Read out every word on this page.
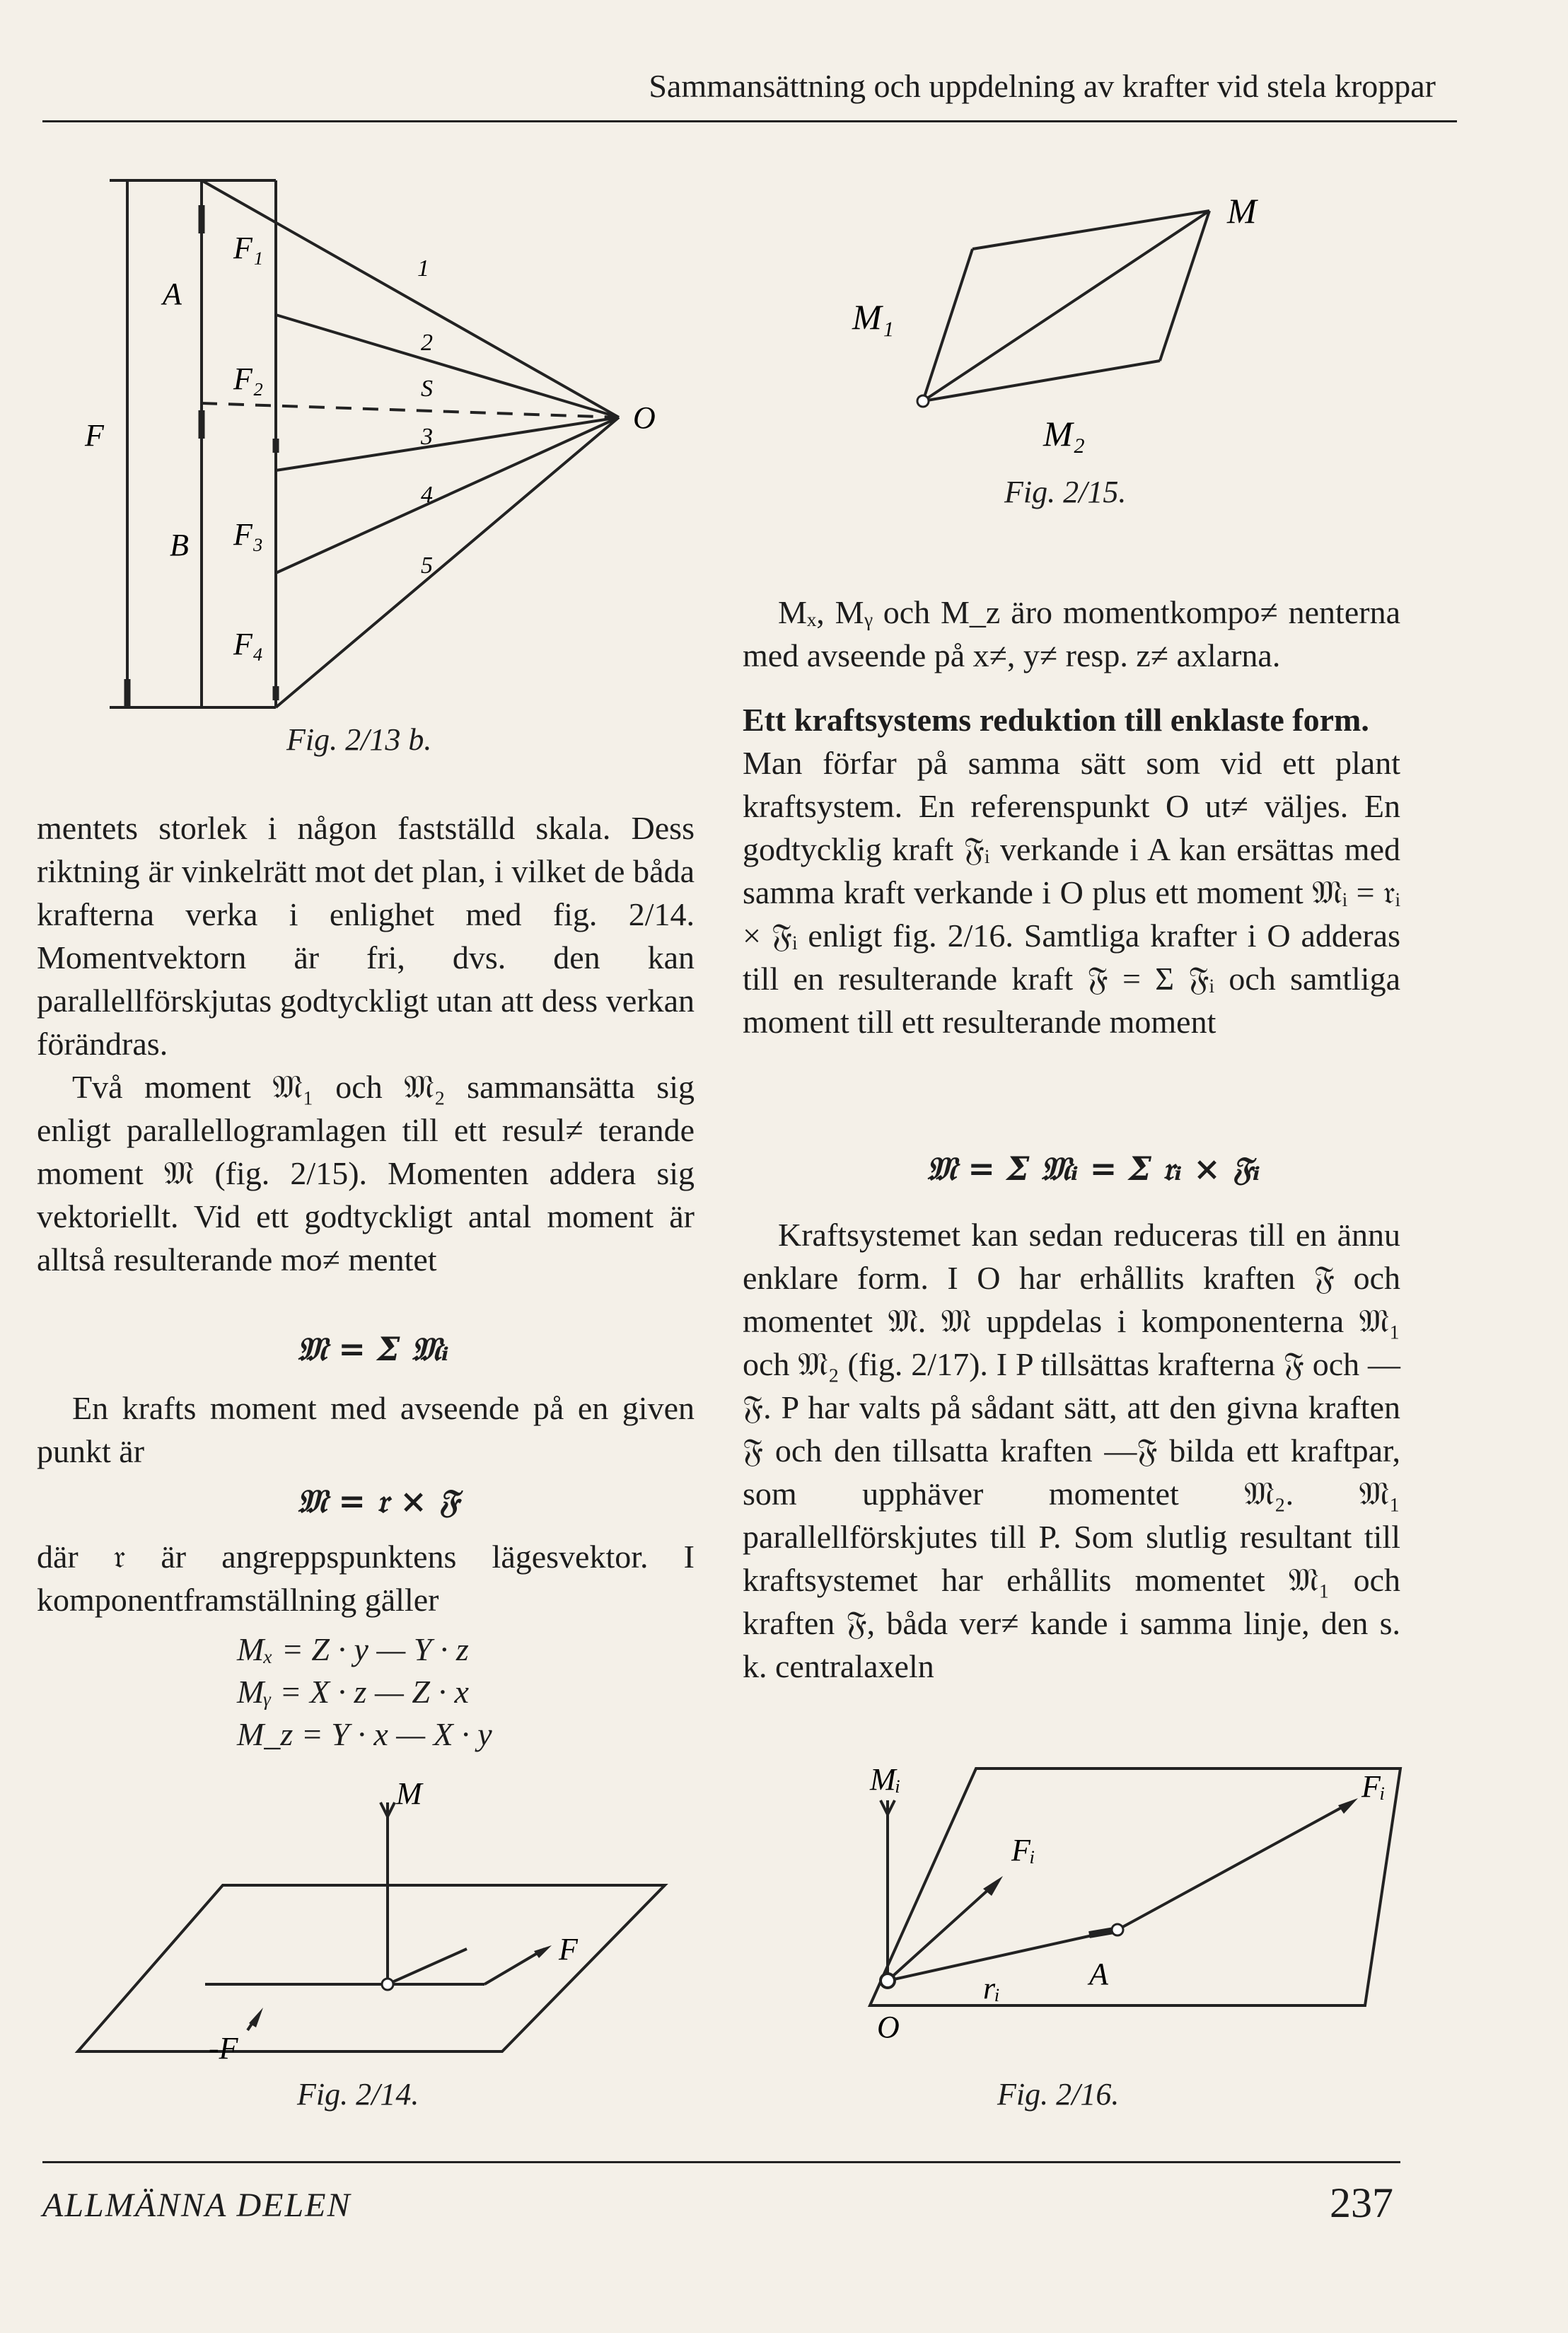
Sammansättning och uppdelning av krafter vid stela kroppar
F₁
A
F₂
F
B F₃
F₄
O
1
2
S
3
4
5
Fig. 2/13 b.
M
M₁
M₂
Fig. 2/15.

mentets storlek i någon fastställd skala. Dess riktning är vinkelrätt mot det plan, i vilket de båda krafterna verka i enlighet med fig. 2/14. Momentvektorn är fri, dvs. den kan parallellförskjutas godtyckligt utan att dess verkan förändras.

Två moment 𝔐₁ och 𝔐₂ sammansätta sig enligt parallellogramlagen till ett resul≠ terande moment 𝔐 (fig. 2/15). Momenten addera sig vektoriellt. Vid ett godtyckligt antal moment är alltså resulterande mo≠ mentet

𝔐 = Σ 𝔐ᵢ

En krafts moment med avseende på en given punkt är

𝔐 = 𝔯 × 𝔉

där 𝔯 är angreppspunktens lägesvektor. I komponentframställning gäller

Mₓ = Z · y — Y · z
Mᵧ = X · z — Z · x
M_z = Y · x — X · y
M
F
-F
Fig. 2/14.

Mₓ, Mᵧ och M_z äro momentkompo≠ nenterna med avseende på x≠, y≠ resp. z≠ axlarna.

Ett kraftsystems reduktion till enklaste form.

Man förfar på samma sätt som vid ett plant kraftsystem. En referenspunkt O ut≠ väljes. En godtycklig kraft 𝔉ᵢ verkande i A kan ersättas med samma kraft verkande i O plus ett moment 𝔐ᵢ = 𝔯ᵢ × 𝔉ᵢ enligt fig. 2/16. Samtliga krafter i O adderas till en resulterande kraft 𝔉 = Σ 𝔉ᵢ och samtliga moment till ett resulterande moment

𝔐 = Σ 𝔐ᵢ = Σ 𝔯ᵢ × 𝔉ᵢ

Kraftsystemet kan sedan reduceras till en ännu enklare form. I O har erhållits kraften 𝔉 och momentet 𝔐. 𝔐 uppdelas i komponenterna 𝔐₁ och 𝔐₂ (fig. 2/17). I P tillsättas krafterna 𝔉 och —𝔉. P har valts på sådant sätt, att den givna kraften 𝔉 och den tillsatta kraften —𝔉 bilda ett kraftpar, som upphäver momentet 𝔐₂. 𝔐₁ parallellförskjutes till P. Som slutlig resultant till kraftsystemet har erhållits momentet 𝔐₁ och kraften 𝔉, båda ver≠ kande i samma linje, den s. k. centralaxeln

Mᵢ
Fᵢ
Fᵢ
rᵢ	A
O
Fig. 2/16.
ALLMÄNNA DELEN	237
